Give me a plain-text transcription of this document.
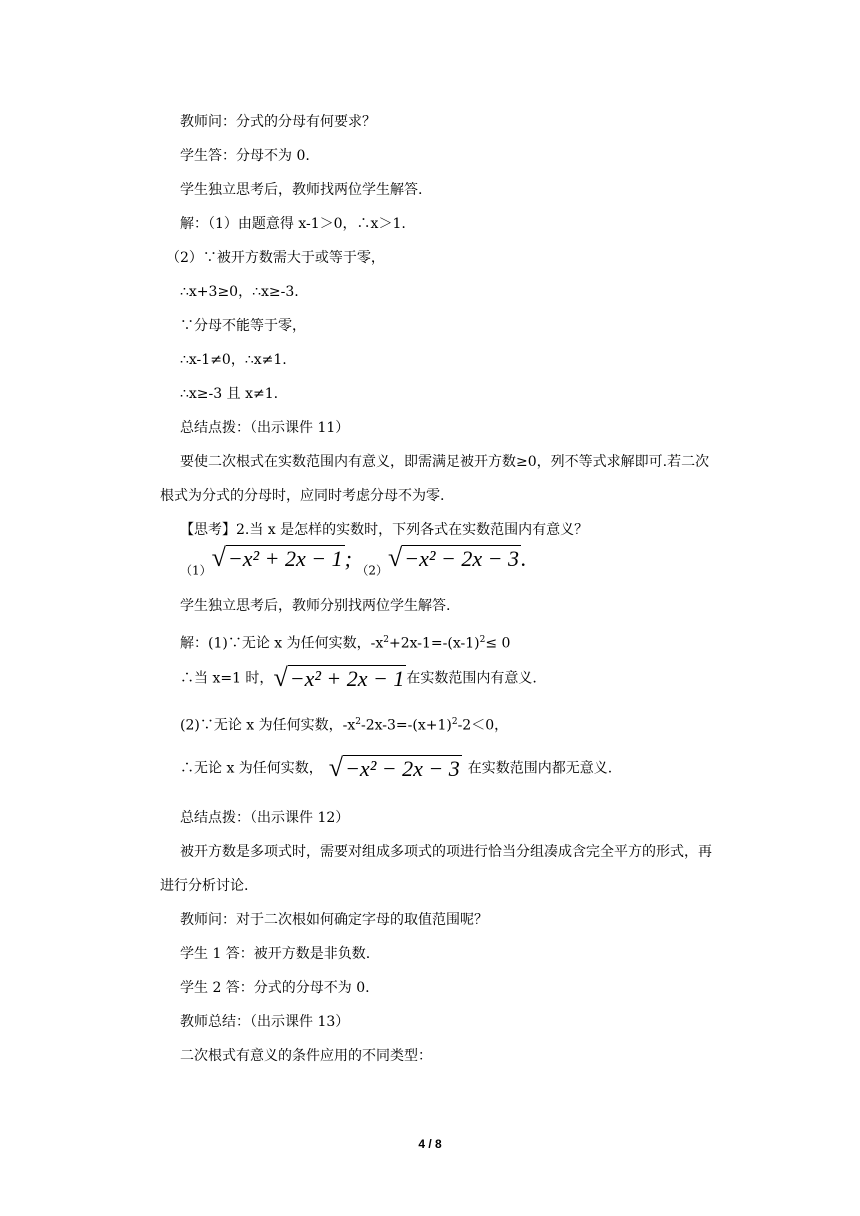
教师问：分式的分母有何要求？
学生答：分母不为 0.
学生独立思考后，教师找两位学生解答.
解：（1）由题意得 x-1＞0，∴x＞1.
（2）∵被开方数需大于或等于零，
∴x+3≥0，∴x≥-3.
∵分母不能等于零，
∴x-1≠0，∴x≠1.
∴x≥-3 且 x≠1.
总结点拨：（出示课件 11）
要使二次根式在实数范围内有意义，即需满足被开方数≥0，列不等式求解即可.若二次
根式为分式的分母时，应同时考虑分母不为零.
【思考】2.当 x 是怎样的实数时，下列各式在实数范围内有意义？
（1）√−x² + 2x − 1; （2）√−x² − 2x − 3.
学生独立思考后，教师分别找两位学生解答.
解：(1)∵无论 x 为任何实数，$-x^2+2x-1=-(x-1)^2\le 0$
∴当 x=1 时，√−x² + 2x − 1 在实数范围内有意义.
(2)∵无论 x 为任何实数，$-x^2-2x-3=-(x+1)^2-2<0$，
∴无论 x 为任何实数， √−x² − 2x − 3 在实数范围内都无意义.
总结点拨：（出示课件 12）
被开方数是多项式时，需要对组成多项式的项进行恰当分组凑成含完全平方的形式，再
进行分析讨论.
教师问：对于二次根如何确定字母的取值范围呢？
学生 1 答：被开方数是非负数.
学生 2 答：分式的分母不为 0.
教师总结：（出示课件 13）
二次根式有意义的条件应用的不同类型：
4 / 8
